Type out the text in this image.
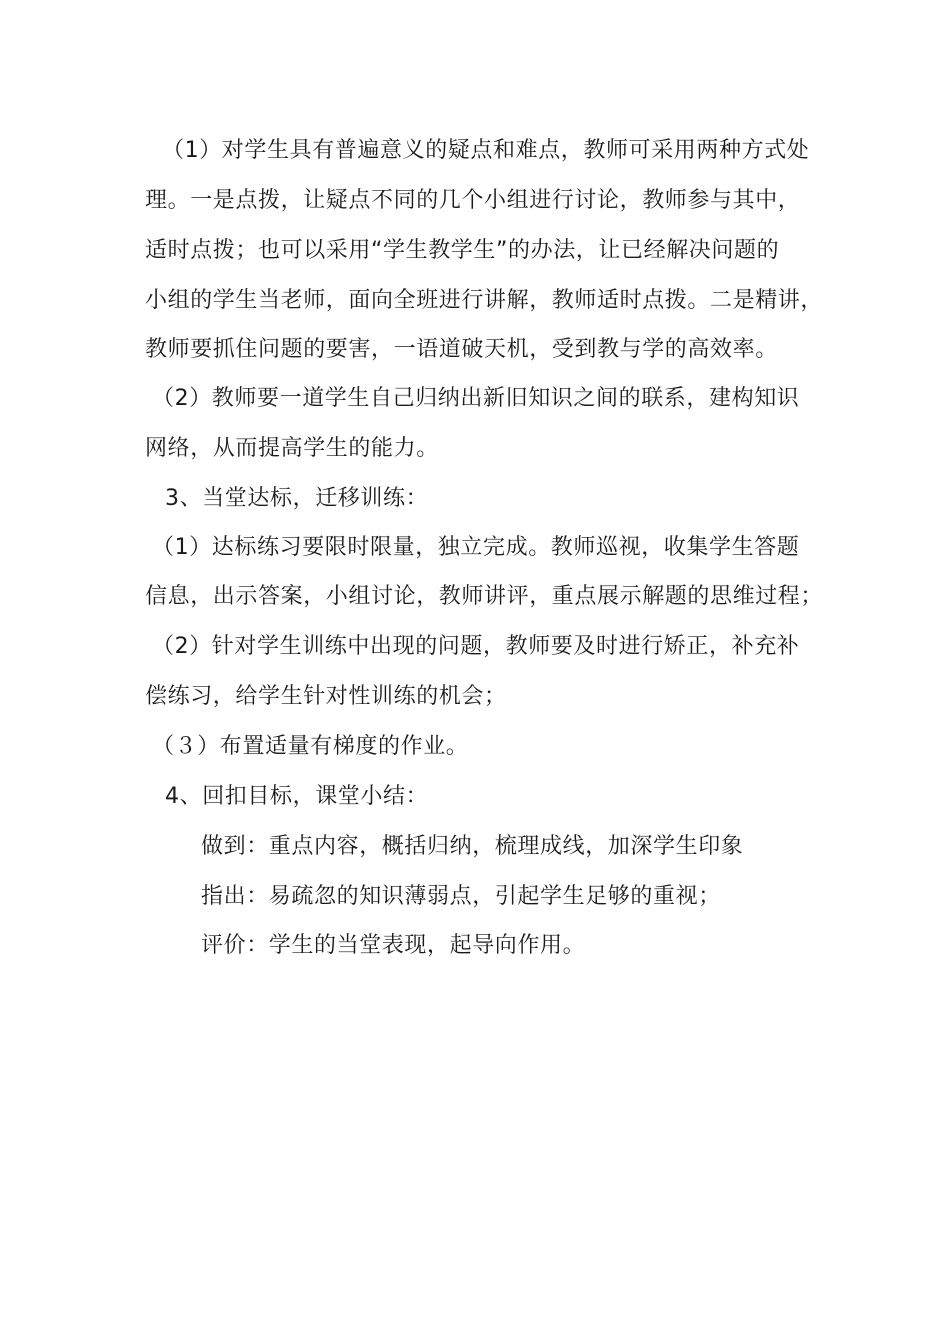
（1）对学生具有普遍意义的疑点和难点，教师可采用两种方式处
理。一是点拨，让疑点不同的几个小组进行讨论，教师参与其中，
适时点拨；也可以采用“学生教学生”的办法，让已经解决问题的
小组的学生当老师，面向全班进行讲解，教师适时点拨。二是精讲，
教师要抓住问题的要害，一语道破天机，受到教与学的高效率。
（2）教师要一道学生自己归纳出新旧知识之间的联系，建构知识
网络，从而提高学生的能力。
3、当堂达标，迁移训练：
（1）达标练习要限时限量，独立完成。教师巡视，收集学生答题
信息，出示答案，小组讨论，教师讲评，重点展示解题的思维过程；
（2）针对学生训练中出现的问题，教师要及时进行矫正，补充补
偿练习，给学生针对性训练的机会；
（３）布置适量有梯度的作业。
4、回扣目标，课堂小结：
做到：重点内容，概括归纳，梳理成线，加深学生印象
指出：易疏忽的知识薄弱点，引起学生足够的重视；
评价：学生的当堂表现，起导向作用。
